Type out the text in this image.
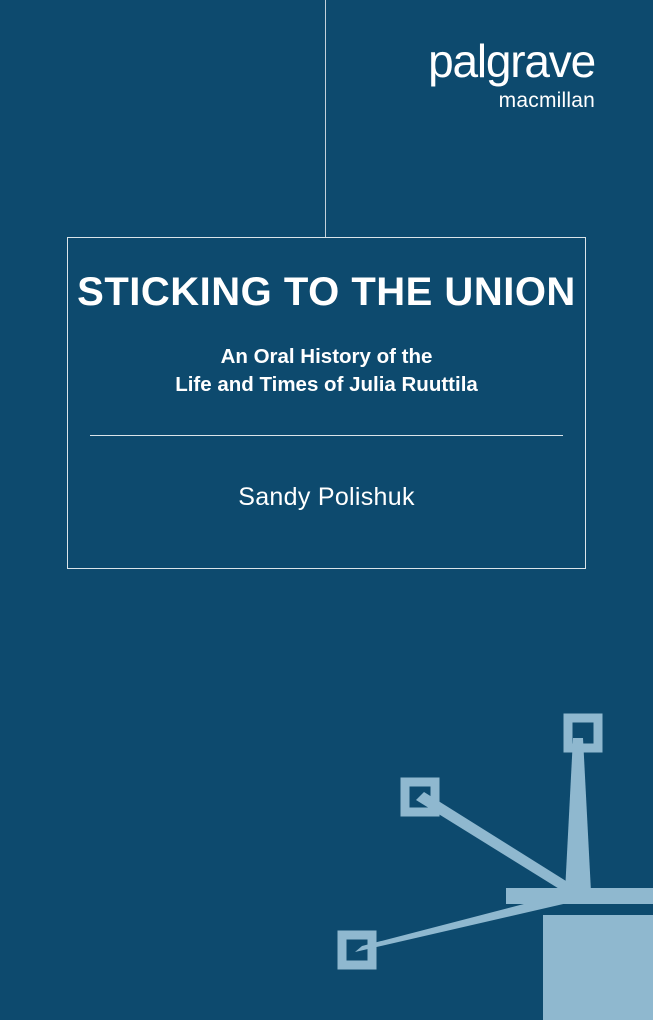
palgrave
macmillan
STICKING TO THE UNION
An Oral History of the
Life and Times of Julia Ruuttila
Sandy Polishuk
